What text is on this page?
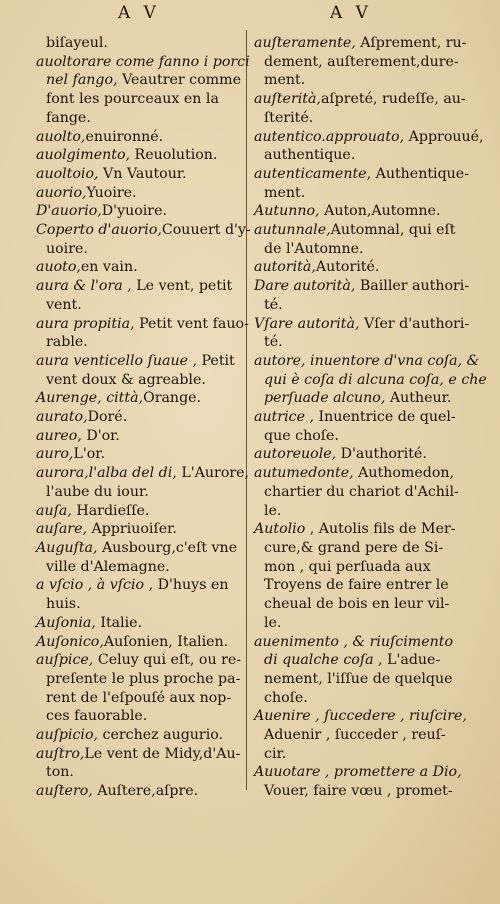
A V	A V
biſayeul.
auoltorare come fanno i porci
nel fango, Veautrer comme
font les pourceaux en la
fange.
auolto,enuironné.
auolgimento, Reuolution.
auoltoio, Vn Vautour.
auorio,Yuoire.
D'auorio,D'yuoire.
Coperto d'auorio,Couuert d'y-
uoire.
auoto,en vain.
aura & l'ora , Le vent, petit
vent.
aura propitia, Petit vent fauo-
rable.
aura venticello ſuaue , Petit
vent doux & agreable.
Aurenge, città,Orange.
aurato,Doré.
aureo, D'or.
auro,L'or.
aurora,l'alba del di, L'Aurore,
l'aube du iour.
auſa, Hardieſſe.
auſare, Appriuoiſer.
Auguſta, Ausbourg,c'eſt vne
ville d'Alemagne.
a vſcio , à vſcio , D'huys en
huis.
Auſonia, Italie.
Auſonico,Auſonien, Italien.
auſpice, Celuy qui eſt, ou re-
preſente le plus proche pa-
rent de l'eſpouſé aux nop-
ces fauorable.
auſpicio, cerchez augurio.
auſtro,Le vent de Midy,d'Au-
ton.
auſtero, Auſtere,aſpre.
auſteramente, Aſprement, ru-
dement, auſterement,dure-
ment.
auſterità,aſpreté, rudeſſe, au-
ſterité.
autentico.approuato, Approuué,
authentique.
autenticamente, Authentique-
ment.
Autunno, Auton,Automne.
autunnale,Automnal, qui eſt
de l'Automne.
autorità,Autorité.
Dare autorità, Bailler authori-
té.
Vſare autorità, Vſer d'authori-
té.
autore, inuentore d'vna coſa, &
qui è coſa di alcuna coſa, e che
perſuade alcuno, Autheur.
autrice , Inuentrice de quel-
que choſe.
autoreuole, D'authorité.
autumedonte, Authomedon,
chartier du chariot d'Achil-
le.
Autolio , Autolis fils de Mer-
cure,& grand pere de Si-
mon , qui perſuada aux
Troyens de faire entrer le
cheual de bois en leur vil-
le.
auenimento , & riuſcimento
di qualche coſa , L'adue-
nement, l'iſſue de quelque
choſe.
Auenire , ſuccedere , riuſcire,
Aduenir , ſucceder , reuſ-
cir.
Auuotare , promettere a Dio,
Vouer, faire vœu , promet-
